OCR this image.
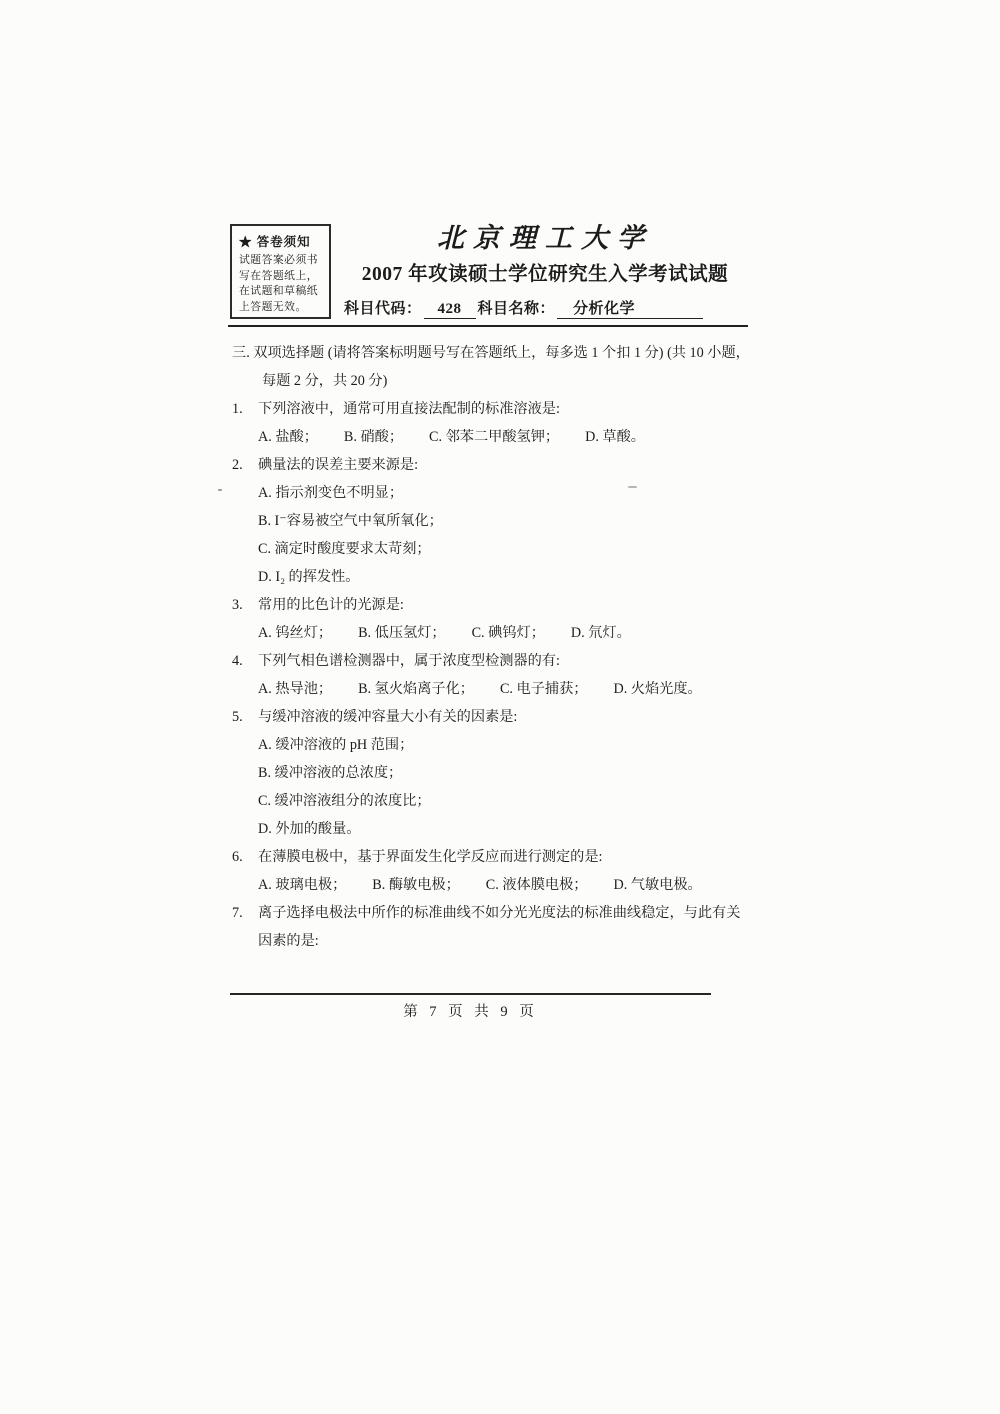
★ 答卷须知
试题答案必须书写在答题纸上，在试题和草稿纸上答题无效。
北京理工大学
2007 年攻读硕士学位研究生入学考试试题
科目代码： 428 科目名称： 分析化学
三. 双项选择题 (请将答案标明题号写在答题纸上，每多选 1 个扣 1 分) (共 10 小题，
每题 2 分，共 20 分)
1.	下列溶液中，通常可用直接法配制的标准溶液是:
A. 盐酸； B. 硝酸； C. 邻苯二甲酸氢钾； D. 草酸。
2.	碘量法的误差主要来源是:
A. 指示剂变色不明显；
B. I⁻容易被空气中氧所氧化；
C. 滴定时酸度要求太苛刻；
D. I₂ 的挥发性。
3.	常用的比色计的光源是:
A. 钨丝灯； B. 低压氢灯； C. 碘钨灯； D. 氘灯。
4.	下列气相色谱检测器中，属于浓度型检测器的有:
A. 热导池； B. 氢火焰离子化； C. 电子捕获； D. 火焰光度。
5.	与缓冲溶液的缓冲容量大小有关的因素是:
A. 缓冲溶液的 pH 范围；
B. 缓冲溶液的总浓度；
C. 缓冲溶液组分的浓度比；
D. 外加的酸量。
6.	在薄膜电极中，基于界面发生化学反应而进行测定的是:
A. 玻璃电极； B. 酶敏电极； C. 液体膜电极； D. 气敏电极。
7.	离子选择电极法中所作的标准曲线不如分光光度法的标准曲线稳定，与此有关
因素的是:
第 7 页 共 9 页
